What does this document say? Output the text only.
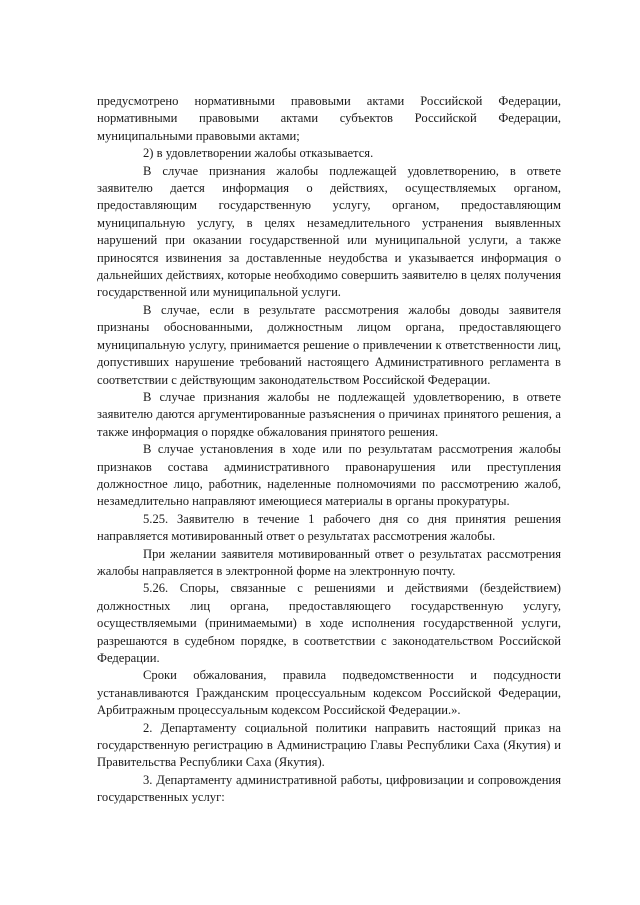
предусмотрено нормативными правовыми актами Российской Федерации, нормативными правовыми актами субъектов Российской Федерации, муниципальными правовыми актами;

2) в удовлетворении жалобы отказывается.

В случае признания жалобы подлежащей удовлетворению, в ответе заявителю дается информация о действиях, осуществляемых органом, предоставляющим государственную услугу, органом, предоставляющим муниципальную услугу, в целях незамедлительного устранения выявленных нарушений при оказании государственной или муниципальной услуги, а также приносятся извинения за доставленные неудобства и указывается информация о дальнейших действиях, которые необходимо совершить заявителю в целях получения государственной или муниципальной услуги.

В случае, если в результате рассмотрения жалобы доводы заявителя признаны обоснованными, должностным лицом органа, предоставляющего муниципальную услугу, принимается решение о привлечении к ответственности лиц, допустивших нарушение требований настоящего Административного регламента в соответствии с действующим законодательством Российской Федерации.

В случае признания жалобы не подлежащей удовлетворению, в ответе заявителю даются аргументированные разъяснения о причинах принятого решения, а также информация о порядке обжалования принятого решения.

В случае установления в ходе или по результатам рассмотрения жалобы признаков состава административного правонарушения или преступления должностное лицо, работник, наделенные полномочиями по рассмотрению жалоб, незамедлительно направляют имеющиеся материалы в органы прокуратуры.

5.25. Заявителю в течение 1 рабочего дня со дня принятия решения направляется мотивированный ответ о результатах рассмотрения жалобы.

При желании заявителя мотивированный ответ о результатах рассмотрения жалобы направляется в электронной форме на электронную почту.

5.26. Споры, связанные с решениями и действиями (бездействием) должностных лиц органа, предоставляющего государственную услугу, осуществляемыми (принимаемыми) в ходе исполнения государственной услуги, разрешаются в судебном порядке, в соответствии с законодательством Российской Федерации.

Сроки обжалования, правила подведомственности и подсудности устанавливаются Гражданским процессуальным кодексом Российской Федерации, Арбитражным процессуальным кодексом Российской Федерации.».

2. Департаменту социальной политики направить настоящий приказ на государственную регистрацию в Администрацию Главы Республики Саха (Якутия) и Правительства Республики Саха (Якутия).

3. Департаменту административной работы, цифровизации и сопровождения государственных услуг:
